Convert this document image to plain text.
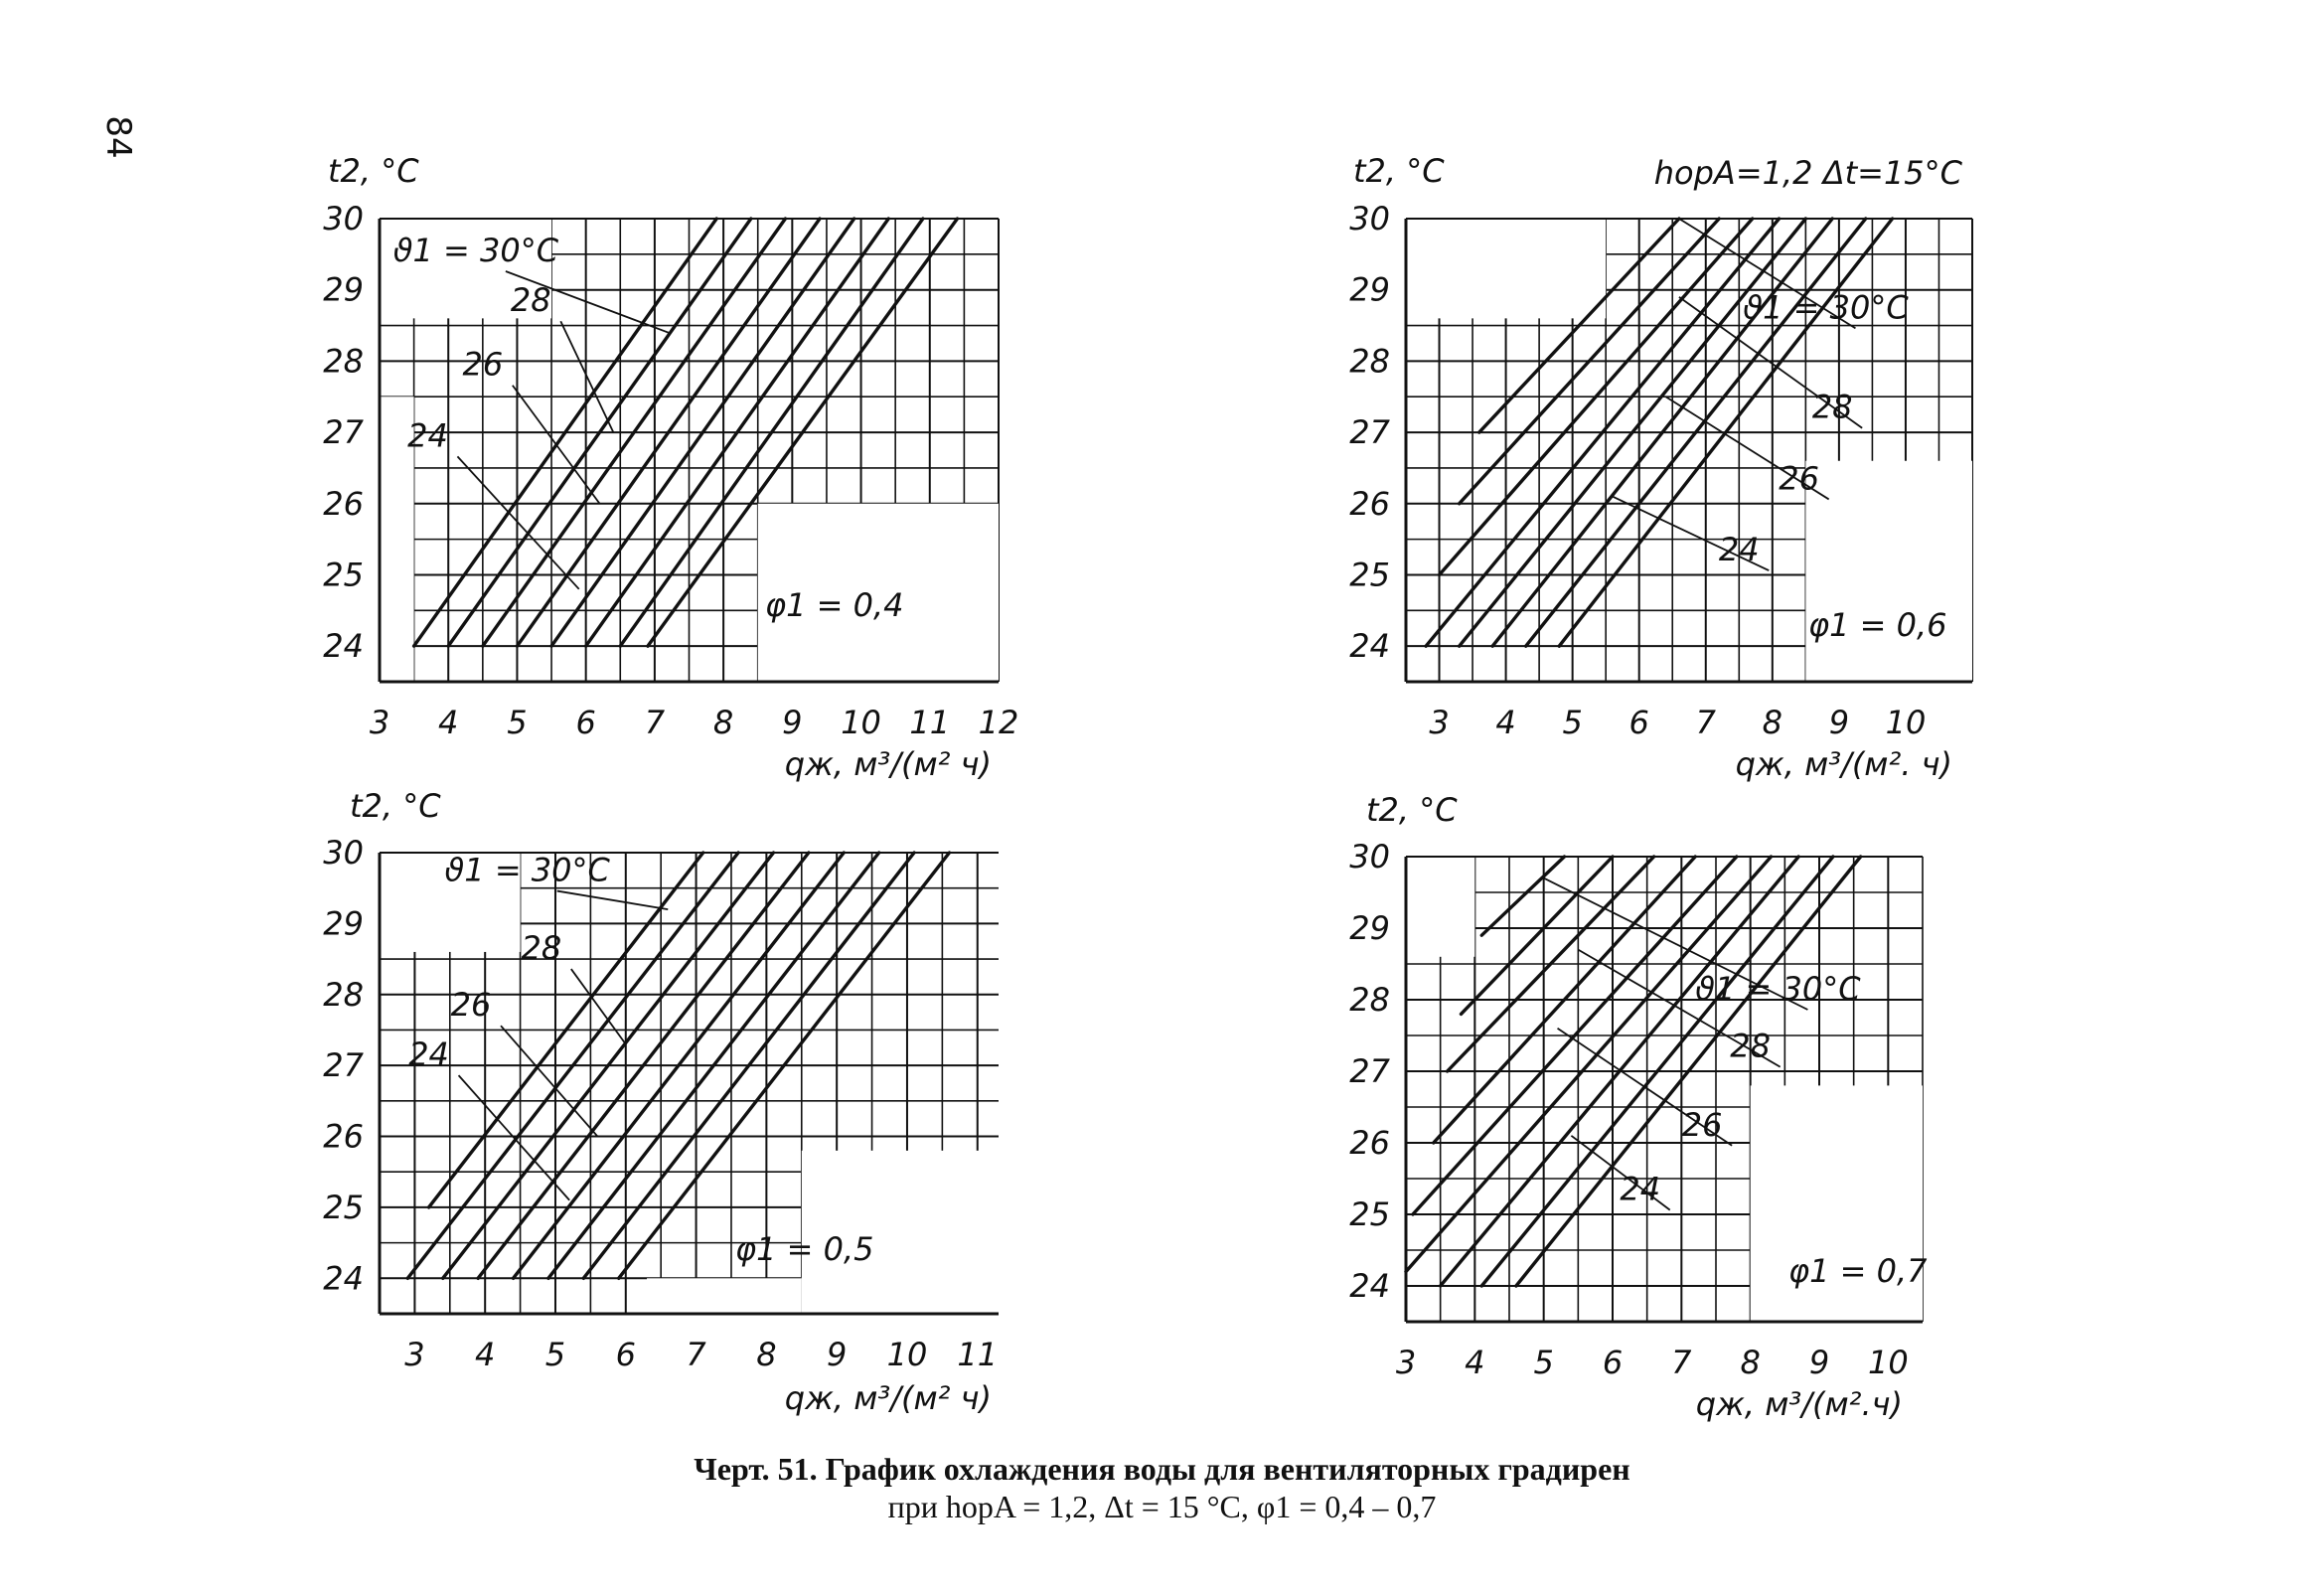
84
3 4 5 6 7 8 9 10 11 12
24
25
26
27
28
29
30
t2, °C
qж, м³/(м² ч)
φ1 = 0,4
ϑ1 = 30°C
28
26
24
3 4 5 6 7 8 9 10
24
25
26
27
28
29
30
t2, °C
qж, м³/(м². ч)
hорA=1,2 Δt=15°C
φ1 = 0,6
ϑ1 = 30°C
28
26
24
3 4 5 6 7 8 9 10 11
24
25
26
27
28
29
30
t2, °C
qж, м³/(м² ч)
φ1 = 0,5
ϑ1 = 30°C
28
26
24
3 4 5 6 7 8 9 10
24
25
26
27
28
29
30
t2, °C
qж, м³/(м².ч)
φ1 = 0,7
ϑ1 = 30°C
28
26
24
Черт. 51. График охлаждения воды для вентиляторных градирен
при hорA = 1,2, Δt = 15 °C, φ1 = 0,4 – 0,7
